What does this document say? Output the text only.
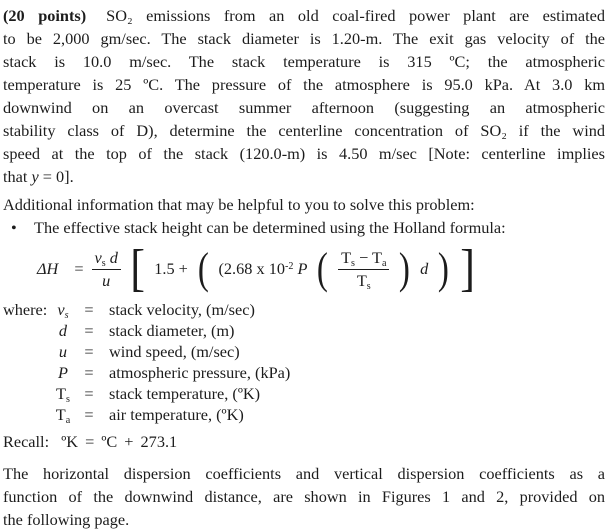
(20 points) SO₂ emissions from an old coal-fired power plant are estimated
to be 2,000 gm/sec. The stack diameter is 1.20-m. The exit gas velocity of the
stack is 10.0 m/sec. The stack temperature is 315 ºC; the atmospheric
temperature is 25 ºC. The pressure of the atmosphere is 95.0 kPa. At 3.0 km
downwind on an overcast summer afternoon (suggesting an atmospheric
stability class of D), determine the centerline concentration of SO₂ if the wind
speed at the top of the stack (120.0-m) is 4.50 m/sec [Note: centerline implies
that y = 0].
Additional information that may be helpful to you to solve this problem:
• The effective stack height can be determined using the Holland formula:
$\Delta H = \frac{v_s d}{u}$ [ 1.5 + ( (2.68 x $10^{-2}$ P ( $\frac{T_s - T_a}{T_s}$ ) d ) ]
where: $v_s$ = stack velocity, (m/sec)
d	= stack diameter, (m)
u	= wind speed, (m/sec)
P	= atmospheric pressure, (kPa)
$T_s$ = stack temperature, (ºK)
$T_a$ = air temperature, (ºK)
Recall: ºK = ºC + 273.1
The horizontal dispersion coefficients and vertical dispersion coefficients as a
function of the downwind distance, are shown in Figures 1 and 2, provided on
the following page.
